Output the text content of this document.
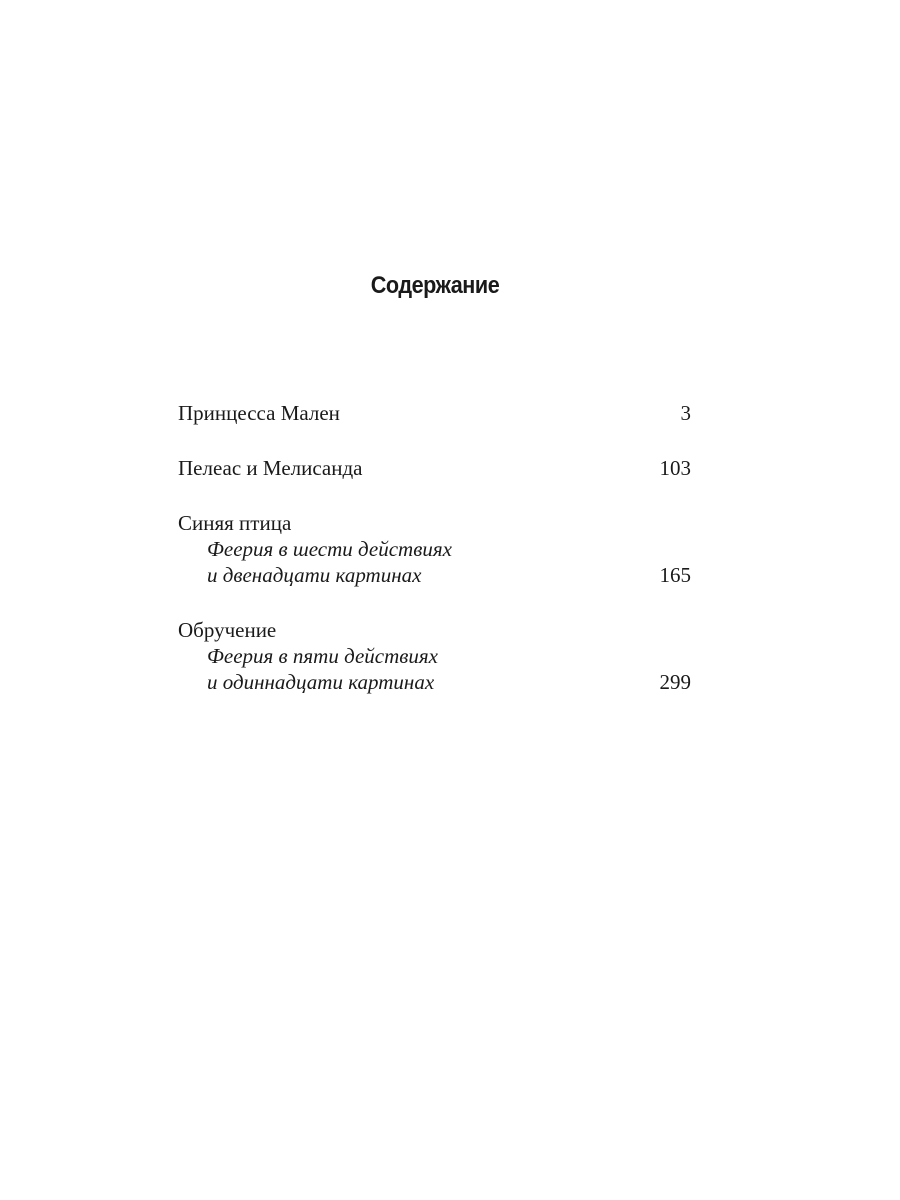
Содержание
Принцесса Мален	3
Пелеас и Мелисанда	103
Синяя птица
Феерия в шести действиях
и двенадцати картинах	165
Обручение
Феерия в пяти действиях
и одиннадцати картинах	299
